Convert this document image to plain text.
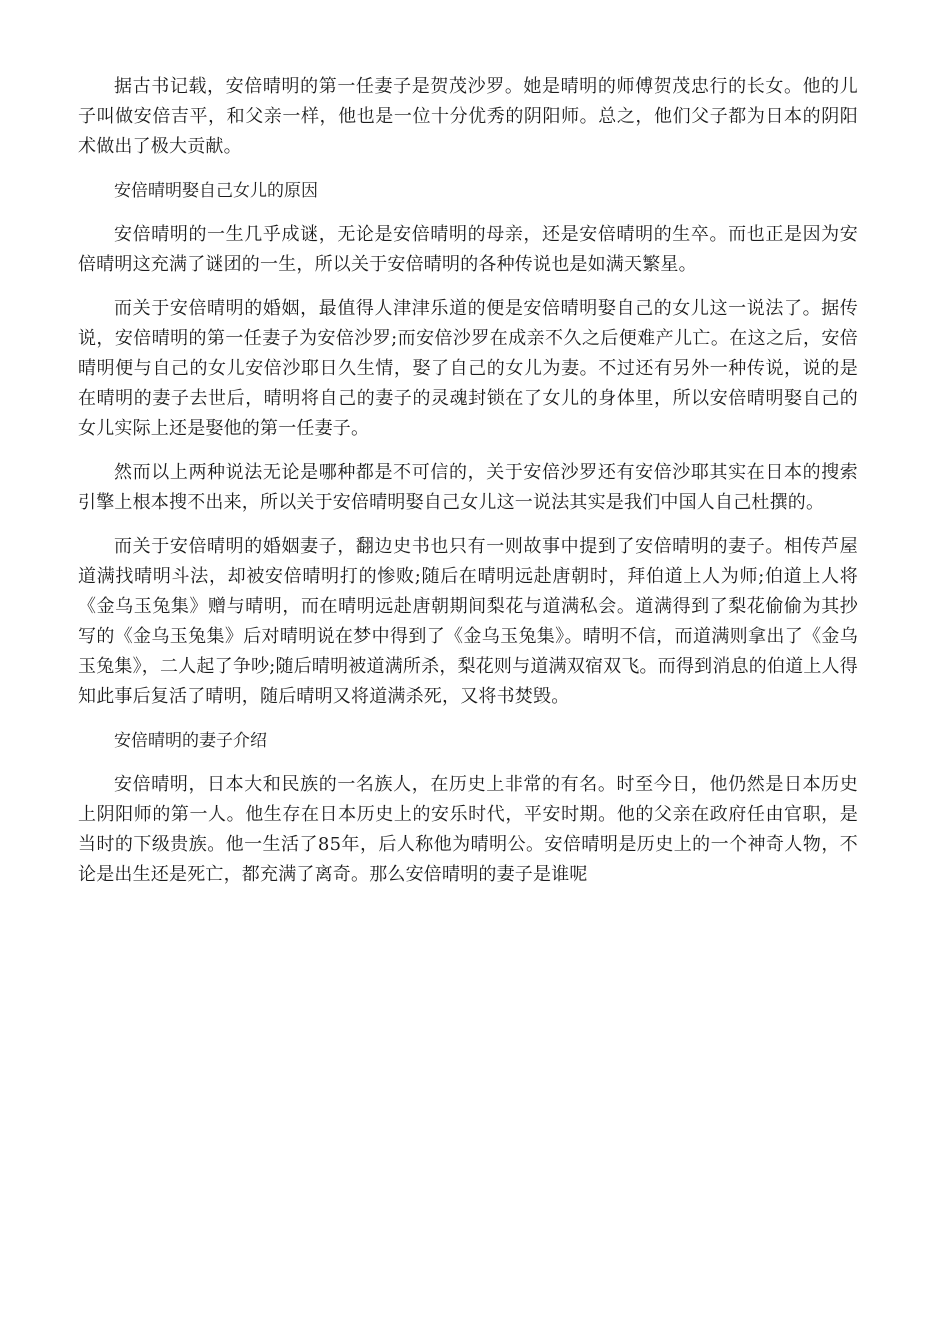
据古书记载，安倍晴明的第一任妻子是贺茂沙罗。她是晴明的师傅贺茂忠行的长女。他的儿子叫做安倍吉平，和父亲一样，他也是一位十分优秀的阴阳师。总之，他们父子都为日本的阴阳术做出了极大贡献。

安倍晴明娶自己女儿的原因

安倍晴明的一生几乎成谜，无论是安倍晴明的母亲，还是安倍晴明的生卒。而也正是因为安倍晴明这充满了谜团的一生，所以关于安倍晴明的各种传说也是如满天繁星。

而关于安倍晴明的婚姻，最值得人津津乐道的便是安倍晴明娶自己的女儿这一说法了。据传说，安倍晴明的第一任妻子为安倍沙罗;而安倍沙罗在成亲不久之后便难产儿亡。在这之后，安倍晴明便与自己的女儿安倍沙耶日久生情，娶了自己的女儿为妻。不过还有另外一种传说，说的是在晴明的妻子去世后，晴明将自己的妻子的灵魂封锁在了女儿的身体里，所以安倍晴明娶自己的女儿实际上还是娶他的第一任妻子。

然而以上两种说法无论是哪种都是不可信的，关于安倍沙罗还有安倍沙耶其实在日本的搜索引擎上根本搜不出来，所以关于安倍晴明娶自己女儿这一说法其实是我们中国人自己杜撰的。

而关于安倍晴明的婚姻妻子，翻边史书也只有一则故事中提到了安倍晴明的妻子。相传芦屋道满找晴明斗法，却被安倍晴明打的惨败;随后在晴明远赴唐朝时，拜伯道上人为师;伯道上人将《金乌玉兔集》赠与晴明，而在晴明远赴唐朝期间梨花与道满私会。道满得到了梨花偷偷为其抄写的《金乌玉兔集》后对晴明说在梦中得到了《金乌玉兔集》。晴明不信，而道满则拿出了《金乌玉兔集》，二人起了争吵;随后晴明被道满所杀，梨花则与道满双宿双飞。而得到消息的伯道上人得知此事后复活了晴明，随后晴明又将道满杀死，又将书焚毁。

安倍晴明的妻子介绍

安倍晴明，日本大和民族的一名族人，在历史上非常的有名。时至今日，他仍然是日本历史上阴阳师的第一人。他生存在日本历史上的安乐时代，平安时期。他的父亲在政府任由官职，是当时的下级贵族。他一生活了85年，后人称他为晴明公。安倍晴明是历史上的一个神奇人物，不论是出生还是死亡，都充满了离奇。那么安倍晴明的妻子是谁呢
